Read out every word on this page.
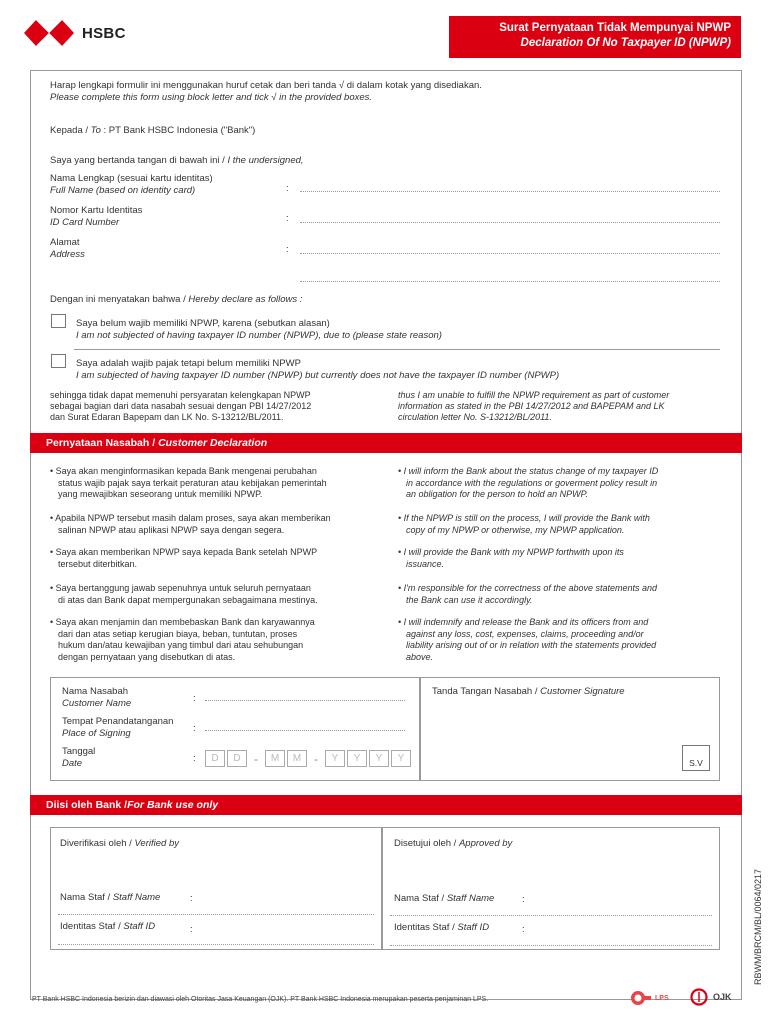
HSBC	Surat Pernyataan Tidak Mempunyai NPWP
Declaration Of No Taxpayer ID (NPWP)
Harap lengkapi formulir ini menggunakan huruf cetak dan beri tanda √ di dalam kotak yang disediakan.
Please complete this form using block letter and tick √ in the provided boxes.
Kepada / To : PT Bank HSBC Indonesia ("Bank")
Saya yang bertanda tangan di bawah ini / I the undersigned,
Nama Lengkap (sesuai kartu identitas)
Full Name (based on identity card)	:
Nomor Kartu Identitas
ID Card Number	:
Alamat
Address	:
Dengan ini menyatakan bahwa / Hereby declare as follows :
Saya belum wajib memiliki NPWP, karena (sebutkan alasan)
I am not subjected of having taxpayer ID number (NPWP), due to (please state reason)
Saya adalah wajib pajak tetapi belum memiliki NPWP
I am subjected of having taxpayer ID number (NPWP) but currently does not have the taxpayer ID number (NPWP)
sehingga tidak dapat memenuhi persyaratan kelengkapan NPWP
sebagai bagian dari data nasabah sesuai dengan PBI 14/27/2012
dan Surat Edaran Bapepam dan LK No. S-13212/BL/2011.
thus I am unable to fulfill the NPWP requirement as part of customer
information as stated in the PBI 14/27/2012 and BAPEPAM and LK
circulation letter No. S-13212/BL/2011.
Pernyataan Nasabah /
Customer Declaration
• Saya akan menginformasikan kepada Bank mengenai perubahan
status wajib pajak saya terkait peraturan atau kebijakan pemerintah
yang mewajibkan seseorang untuk memiliki NPWP.
• I will inform the Bank about the status change of my taxpayer ID
in accordance with the regulations or goverment policy result in
an obligation for the person to hold an NPWP.
• Apabila NPWP tersebut masih dalam proses, saya akan memberikan
salinan NPWP atau aplikasi NPWP saya dengan segera.
• If the NPWP is still on the process, I will provide the Bank with
copy of my NPWP or otherwise, my NPWP application.
• Saya akan memberikan NPWP saya kepada Bank setelah NPWP
tersebut diterbitkan.
• I will provide the Bank with my NPWP forthwith upon its
issuance.
• Saya bertanggung jawab sepenuhnya untuk seluruh pernyataan
di atas dan Bank dapat mempergunakan sebagaimana mestinya.
• I'm responsible for the correctness of the above statements and
the Bank can use it accordingly.
• Saya akan menjamin dan membebaskan Bank dan karyawannya
dari dan atas setiap kerugian biaya, beban, tuntutan, proses
hukum dan/atau kewajiban yang timbul dari atau sehubungan
dengan pernyataan yang disebutkan di atas.
• I will indemnify and release the Bank and its officers from and
against any loss, cost, expenses, claims, proceeding and/or
liability arising out of or in relation with the statements provided
above.
Nama Nasabah
Customer Name	:
Tempat Penandatanganan
Place of Signing	:
Tanggal
Date	:	D	D	-	M	M	-	Y	Y	Y	Y
Tanda Tangan Nasabah / Customer Signature
S.V
Diisi oleh Bank / For Bank use only
Diverifikasi oleh / Verified by	Disetujui oleh / Approved by
Nama Staf / Staff Name	:	Nama Staf / Staff Name	:
Identitas Staf / Staff ID	:	Identitas Staf / Staff ID	:	RBWM/BRCM/BL/0064/0217
PT Bank HSBC Indonesia berizin dan diawasi oleh Otoritas Jasa Keuangan (OJK). PT Bank HSBC Indonesia merupakan peserta penjaminan LPS.	LPS	OJK
